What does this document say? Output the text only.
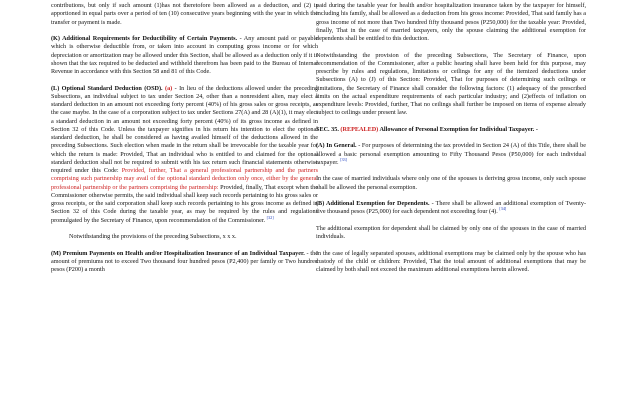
contributions, but only if such amount (1)has not theretofore been allowed as a deduction, and (2) is apportioned in equal parts over a period of ten (10) consecutive years beginning with the year in which the transfer or payment is made.

(K) Additional Requirements for Deductibility of Certain Payments. - Any amount paid or payable which is otherwise deductible from, or taken into account in computing gross income or for which depreciation or amortization may be allowed under this Section, shall be allowed as a deduction only if it is shown that the tax required to be deducted and withheld therefrom has been paid to the Bureau of Internal Revenue in accordance with this Section 58 and 81 of this Code.

(L) Optional Standard Deduction (OSD). (a) - In lieu of the deductions allowed under the preceding Subsections, an individual subject to tax under Section 24, other than a nonresident alien, may elect a standard deduction in an amount not exceeding forty percent (40%) of his gross sales or gross receipts, as the case maybe. In the case of a corporation subject to tax under Sections 27(A) and 28 (A)(1), it may elect a standard deduction in an amount not exceeding forty percent (40%) of its gross income as defined in Section 32 of this Code. Unless the taxpayer signifies in his return his intention to elect the optional standard deduction, he shall be considered as having availed himself of the deductions allowed in the preceding Subsections. Such election when made in the return shall be irrevocable for the taxable year for which the return is made: Provided, That an individual who is entitled to and claimed for the optional standard deduction shall not be required to submit with his tax return such financial statements otherwise required under this Code: Provided, further, That a general professional partnership and the partners comprising such partnership may avail of the optional standard deduction only once, either by the general professional partnership or the partners comprising the partnership: Provided, finally, That except when the Commissioner otherwise permits, the said individual shall keep such records pertaining to his gross sales or gross receipts, or the said corporation shall keep such records pertaining to his gross income as defined in Section 32 of this Code during the taxable year, as may be required by the rules and regulations promulgated by the Secretary of Finance, upon recommendation of the Commissioner. [32]

Notwithstanding the provisions of the preceding Subsections, x x x.

(M) Premium Payments on Health and/or Hospitalization Insurance of an Individual Taxpayer. - the amount of premiums not to exceed Two thousand four hundred pesos (P2,400) per family or Two hundred pesos (P200) a month

paid during the taxable year for health and/or hospitalization insurance taken by the taxpayer for himself, including his family, shall be allowed as a deduction from his gross income: Provided, That said family has a gross income of not more than Two hundred fifty thousand pesos (P250,000) for the taxable year: Provided, finally, That in the case of married taxpayers, only the spouse claiming the additional exemption for dependents shall be entitled to this deduction.

Notwithstanding the provision of the preceding Subsections, The Secretary of Finance, upon recommendation of the Commissioner, after a public hearing shall have been held for this purpose, may prescribe by rules and regulations, limitations or ceilings for any of the itemized deductions under Subsections (A) to (J) of this Section: Provided, That for purposes of determining such ceilings or limitations, the Secretary of Finance shall consider the following factors: (1) adequacy of the prescribed limits on the actual expenditure requirements of each particular industry; and (2)effects of inflation on expenditure levels: Provided, further, That no ceilings shall further be imposed on items of expense already subject to ceilings under present law.

SEC. 35. (REPEALED) Allowance of Personal Exemption for Individual Taxpayer. -

(A) In General. - For purposes of determining the tax provided in Section 24 (A) of this Title, there shall be allowed a basic personal exemption amounting to Fifty Thousand Pesos (P50,000) for each individual taxpayer. [33]

In the case of married individuals where only one of the spouses is deriving gross income, only such spouse shall be allowed the personal exemption.

(B) Additional Exemption for Dependents. - There shall be allowed an additional exemption of Twenty-five thousand pesos (P25,000) for each dependent not exceeding four (4). [34]

The additional exemption for dependent shall be claimed by only one of the spouses in the case of married individuals.

In the case of legally separated spouses, additional exemptions may be claimed only by the spouse who has custody of the child or children: Provided, That the total amount of additional exemptions that may be claimed by both shall not exceed the maximum additional exemptions herein allowed.
